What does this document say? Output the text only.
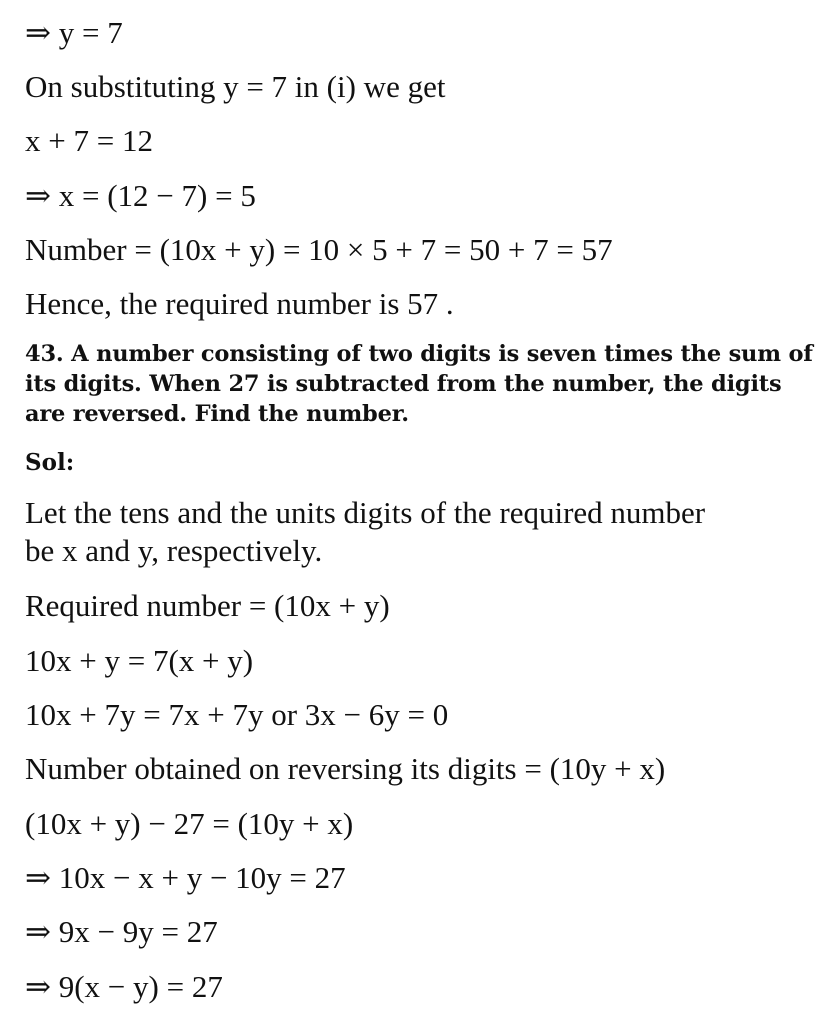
⇒ y = 7
On substituting y = 7 in (i) we get
x + 7 = 12
⇒ x = (12 − 7) = 5
Number = (10x + y) = 10 × 5 + 7 = 50 + 7 = 57
Hence, the required number is 57 .
43. A number consisting of two digits is seven times the sum of its digits. When 27 is subtracted from the number, the digits are reversed. Find the number.
Sol:
Let the tens and the units digits of the required number be x and y, respectively.
Required number = (10x + y)
10x + y = 7(x + y)
10x + 7y = 7x + 7y or 3x − 6y = 0
Number obtained on reversing its digits = (10y + x)
(10x + y) − 27 = (10y + x)
⇒ 10x − x + y − 10y = 27
⇒ 9x − 9y = 27
⇒ 9(x − y) = 27
